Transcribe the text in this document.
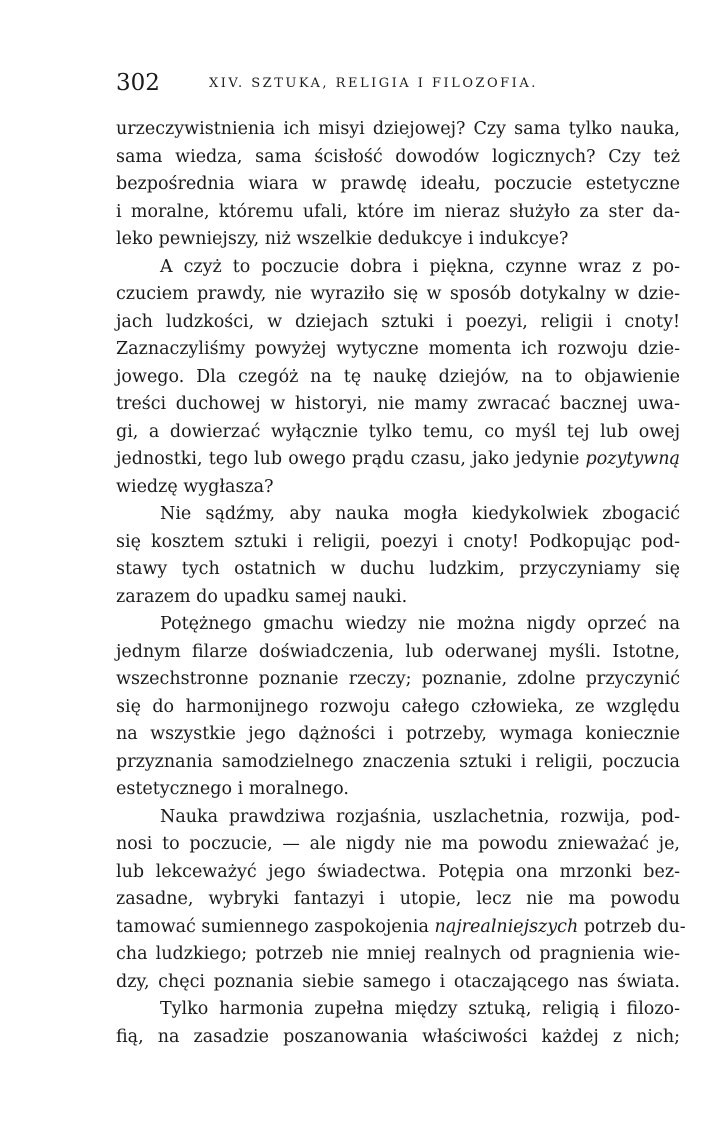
302	XIV. SZTUKA, RELIGIA I FILOZOFIA.
urzeczywistnienia ich misyi dziejowej? Czy sama tylko nauka,
sama wiedza, sama ścisłość dowodów logicznych? Czy też
bezpośrednia wiara w prawdę ideału, poczucie estetyczne
i moralne, któremu ufali, które im nieraz służyło za ster da-
leko pewniejszy, niż wszelkie dedukcye i indukcye?
A czyż to poczucie dobra i piękna, czynne wraz z po-
czuciem prawdy, nie wyraziło się w sposób dotykalny w dzie-
jach ludzkości, w dziejach sztuki i poezyi, religii i cnoty!
Zaznaczyliśmy powyżej wytyczne momenta ich rozwoju dzie-
jowego. Dla czegóż na tę naukę dziejów, na to objawienie
treści duchowej w historyi, nie mamy zwracać bacznej uwa-
gi, a dowierzać wyłącznie tylko temu, co myśl tej lub owej
jednostki, tego lub owego prądu czasu, jako jedynie pozytywną
wiedzę wygłasza?
Nie sądźmy, aby nauka mogła kiedykolwiek zbogacić
się kosztem sztuki i religii, poezyi i cnoty! Podkopując pod-
stawy tych ostatnich w duchu ludzkim, przyczyniamy się
zarazem do upadku samej nauki.
Potężnego gmachu wiedzy nie można nigdy oprzeć na
jednym filarze doświadczenia, lub oderwanej myśli. Istotne,
wszechstronne poznanie rzeczy; poznanie, zdolne przyczynić
się do harmonijnego rozwoju całego człowieka, ze względu
na wszystkie jego dążności i potrzeby, wymaga koniecznie
przyznania samodzielnego znaczenia sztuki i religii, poczucia
estetycznego i moralnego.
Nauka prawdziwa rozjaśnia, uszlachetnia, rozwija, pod-
nosi to poczucie, — ale nigdy nie ma powodu znieważać je,
lub lekceważyć jego świadectwa. Potępia ona mrzonki bez-
zasadne, wybryki fantazyi i utopie, lecz nie ma powodu
tamować sumiennego zaspokojenia najrealniejszych potrzeb du-
cha ludzkiego; potrzeb nie mniej realnych od pragnienia wie-
dzy, chęci poznania siebie samego i otaczającego nas świata.
Tylko harmonia zupełna między sztuką, religią i filozo-
fią, na zasadzie poszanowania właściwości każdej z nich;
